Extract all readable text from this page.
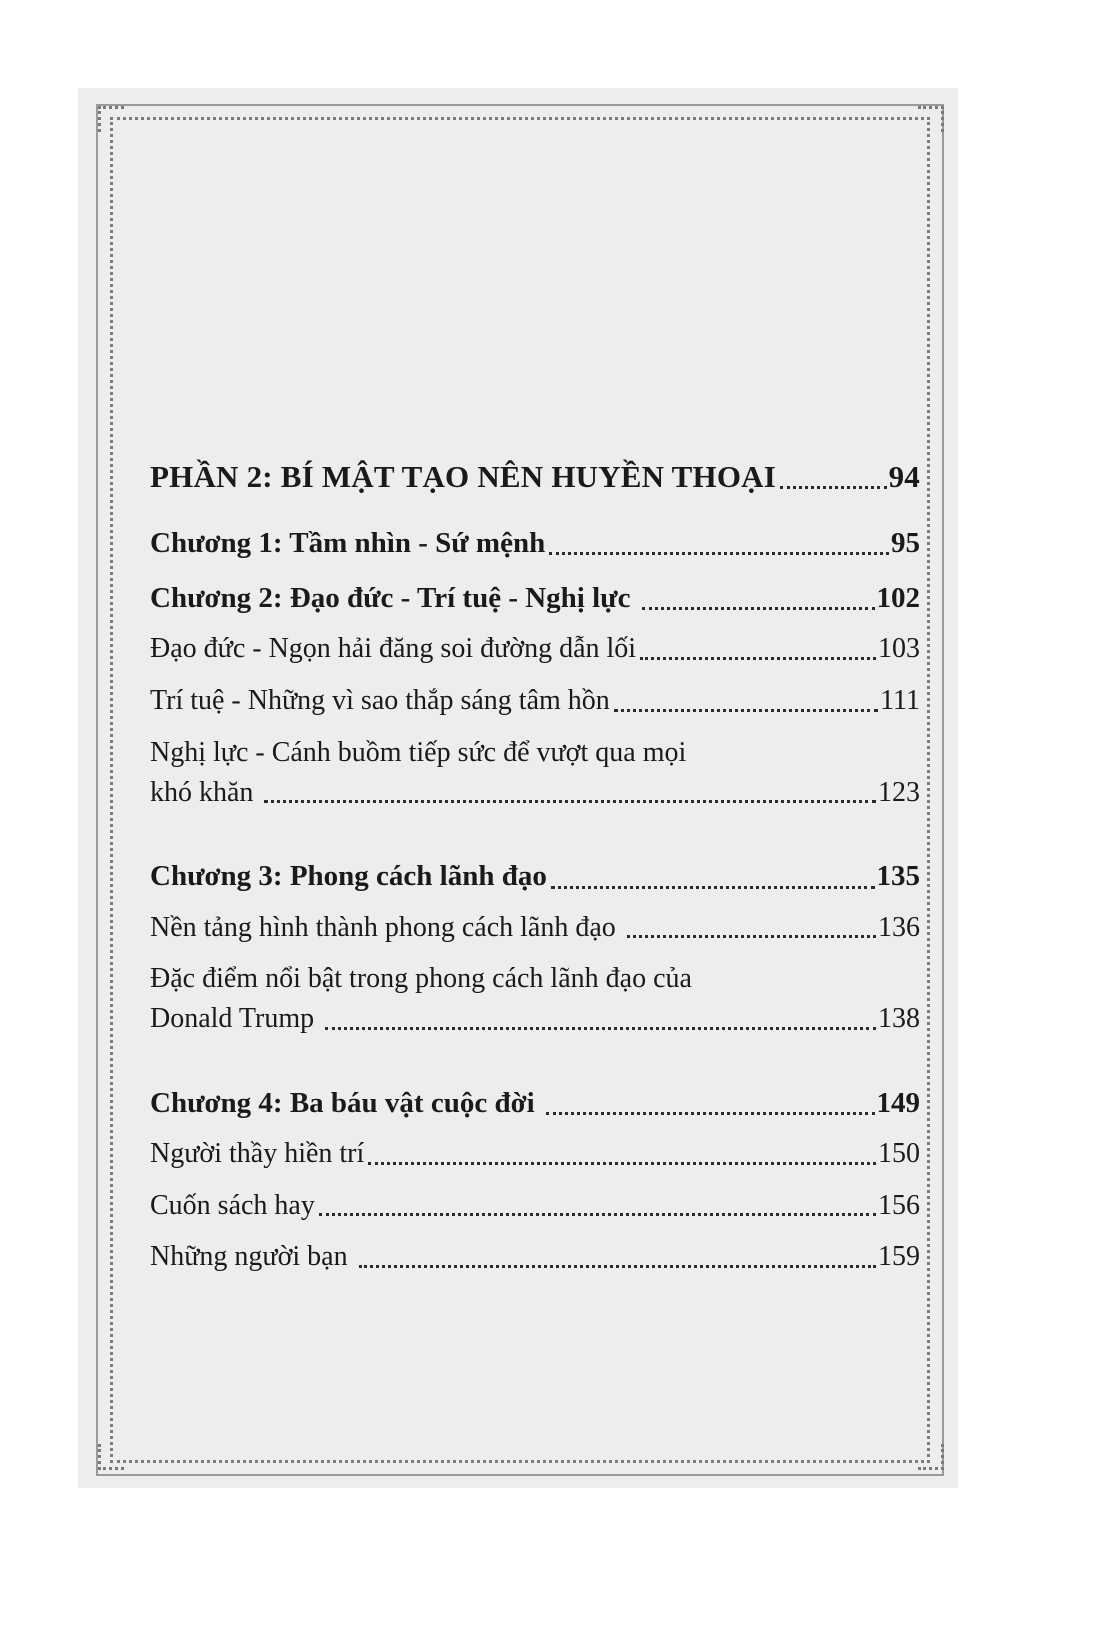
PHẦN 2: BÍ MẬT TẠO NÊN HUYỀN THOẠI	94
Chương 1: Tầm nhìn - Sứ mệnh	95
Chương 2: Đạo đức - Trí tuệ - Nghị lực	102
Đạo đức - Ngọn hải đăng soi đường dẫn lối	103
Trí tuệ - Những vì sao thắp sáng tâm hồn	111
Nghị lực - Cánh buồm tiếp sức để vượt qua mọi
khó khăn	123
Chương 3: Phong cách lãnh đạo	135
Nền tảng hình thành phong cách lãnh đạo	136
Đặc điểm nổi bật trong phong cách lãnh đạo của
Donald Trump	138
Chương 4: Ba báu vật cuộc đời	149
Người thầy hiền trí	150
Cuốn sách hay	156
Những người bạn	159
